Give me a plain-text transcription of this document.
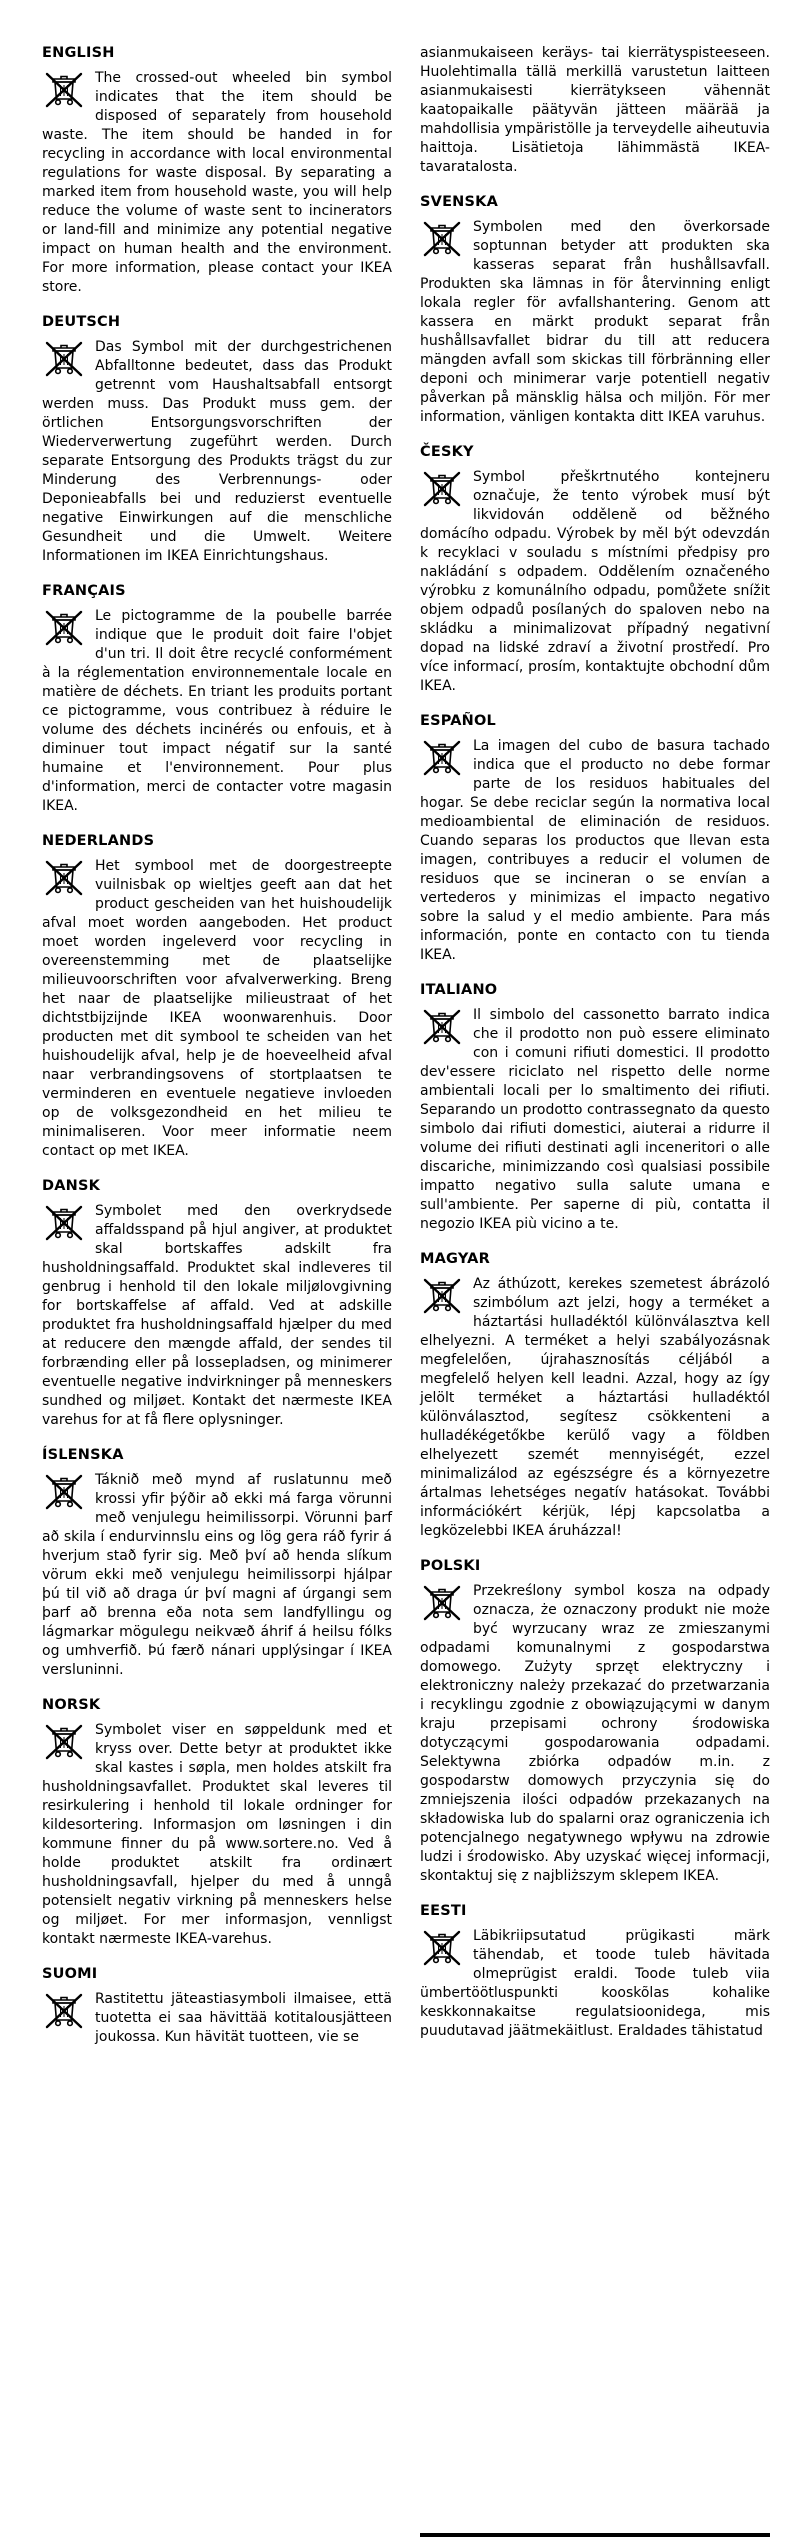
ENGLISH

The crossed-out wheeled bin symbol indicates that the item should be disposed of separately from household waste. The item should be handed in for recycling in accordance with local environmental regulations for waste disposal. By separating a marked item from household waste, you will help reduce the volume of waste sent to incinerators or land-fill and minimize any potential negative impact on human health and the environment. For more information, please contact your IKEA store.

DEUTSCH

Das Symbol mit der durchgestrichenen Abfalltonne bedeutet, dass das Produkt getrennt vom Haushaltsabfall entsorgt werden muss. Das Produkt muss gem. der örtlichen Entsorgungsvorschriften der Wiederverwertung zugeführt werden. Durch separate Entsorgung des Produkts trägst du zur Minderung des Verbrennungs- oder Deponieabfalls bei und reduzierst eventuelle negative Einwirkungen auf die menschliche Gesundheit und die Umwelt. Weitere Informationen im IKEA Einrichtungshaus.

FRANÇAIS

Le pictogramme de la poubelle barrée indique que le produit doit faire l'objet d'un tri. Il doit être recyclé conformément à la réglementation environnementale locale en matière de déchets. En triant les produits portant ce pictogramme, vous contribuez à réduire le volume des déchets incinérés ou enfouis, et à diminuer tout impact négatif sur la santé humaine et l'environnement. Pour plus d'information, merci de contacter votre magasin IKEA.

NEDERLANDS

Het symbool met de doorgestreepte vuilnisbak op wieltjes geeft aan dat het product gescheiden van het huishoudelijk afval moet worden aangeboden. Het product moet worden ingeleverd voor recycling in overeenstemming met de plaatselijke milieuvoorschriften voor afvalverwerking. Breng het naar de plaatselijke milieustraat of het dichtstbijzijnde IKEA woonwarenhuis. Door producten met dit symbool te scheiden van het huishoudelijk afval, help je de hoeveelheid afval naar verbrandingsovens of stortplaatsen te verminderen en eventuele negatieve invloeden op de volksgezondheid en het milieu te minimaliseren. Voor meer informatie neem contact op met IKEA.

DANSK

Symbolet med den overkrydsede affaldsspand på hjul angiver, at produktet skal bortskaffes adskilt fra husholdningsaffald. Produktet skal indleveres til genbrug i henhold til den lokale miljølovgivning for bortskaffelse af affald. Ved at adskille produktet fra husholdningsaffald hjælper du med at reducere den mængde affald, der sendes til forbrænding eller på lossepladsen, og minimerer eventuelle negative indvirkninger på menneskers sundhed og miljøet. Kontakt det nærmeste IKEA varehus for at få flere oplysninger.

ÍSLENSKA

Táknið með mynd af ruslatunnu með krossi yfir þýðir að ekki má farga vörunni með venjulegu heimilissorpi. Vörunni þarf að skila í endurvinnslu eins og lög gera ráð fyrir á hverjum stað fyrir sig. Með því að henda slíkum vörum ekki með venjulegu heimilissorpi hjálpar þú til við að draga úr því magni af úrgangi sem þarf að brenna eða nota sem landfyllingu og lágmarkar mögulegu neikvæð áhrif á heilsu fólks og umhverfið. Þú færð nánari upplýsingar í IKEA versluninni.

NORSK

Symbolet viser en søppeldunk med et kryss over. Dette betyr at produktet ikke skal kastes i søpla, men holdes atskilt fra husholdningsavfallet. Produktet skal leveres til resirkulering i henhold til lokale ordninger for kildesortering. Informasjon om løsningen i din kommune finner du på www.sortere.no. Ved å holde produktet atskilt fra ordinært husholdningsavfall, hjelper du med å unngå potensielt negativ virkning på menneskers helse og miljøet. For mer informasjon, vennligst kontakt nærmeste IKEA-varehus.

SUOMI

Rastitettu jäteastiasymboli ilmaisee, että tuotetta ei saa hävittää kotitalousjätteen joukossa. Kun hävität tuotteen, vie se

asianmukaiseen keräys- tai kierrätyspisteeseen. Huolehtimalla tällä merkillä varustetun laitteen asianmukaisesti kierrätykseen vähennät kaatopaikalle päätyvän jätteen määrää ja mahdollisia ympäristölle ja terveydelle aiheutuvia haittoja. Lisätietoja lähimmästä IKEA-tavaratalosta.

SVENSKA

Symbolen med den överkorsade soptunnan betyder att produkten ska kasseras separat från hushållsavfall. Produkten ska lämnas in för återvinning enligt lokala regler för avfallshantering. Genom att kassera en märkt produkt separat från hushållsavfallet bidrar du till att reducera mängden avfall som skickas till förbränning eller deponi och minimerar varje potentiell negativ påverkan på mänsklig hälsa och miljön. För mer information, vänligen kontakta ditt IKEA varuhus.

ČESKY

Symbol přeškrtnutého kontejneru označuje, že tento výrobek musí být likvidován odděleně od běžného domácího odpadu. Výrobek by měl být odevzdán k recyklaci v souladu s místními předpisy pro nakládání s odpadem. Oddělením označeného výrobku z komunálního odpadu, pomůžete snížit objem odpadů posílaných do spaloven nebo na skládku a minimalizovat případný negativní dopad na lidské zdraví a životní prostředí. Pro více informací, prosím, kontaktujte obchodní dům IKEA.

ESPAÑOL

La imagen del cubo de basura tachado indica que el producto no debe formar parte de los residuos habituales del hogar. Se debe reciclar según la normativa local medioambiental de eliminación de residuos. Cuando separas los productos que llevan esta imagen, contribuyes a reducir el volumen de residuos que se incineran o se envían a vertederos y minimizas el impacto negativo sobre la salud y el medio ambiente. Para más información, ponte en contacto con tu tienda IKEA.

ITALIANO

Il simbolo del cassonetto barrato indica che il prodotto non può essere eliminato con i comuni rifiuti domestici. Il prodotto dev'essere riciclato nel rispetto delle norme ambientali locali per lo smaltimento dei rifiuti. Separando un prodotto contrassegnato da questo simbolo dai rifiuti domestici, aiuterai a ridurre il volume dei rifiuti destinati agli inceneritori o alle discariche, minimizzando così qualsiasi possibile impatto negativo sulla salute umana e sull'ambiente. Per saperne di più, contatta il negozio IKEA più vicino a te.

MAGYAR

Az áthúzott, kerekes szemetest ábrázoló szimbólum azt jelzi, hogy a terméket a háztartási hulladéktól különválasztva kell elhelyezni. A terméket a helyi szabályozásnak megfelelően, újrahasznosítás céljából a megfelelő helyen kell leadni. Azzal, hogy az így jelölt terméket a háztartási hulladéktól különválasztod, segítesz csökkenteni a hulladékégetőkbe kerülő vagy a földben elhelyezett szemét mennyiségét, ezzel minimalizálod az egészségre és a környezetre ártalmas lehetséges negatív hatásokat. További információkért kérjük, lépj kapcsolatba a legközelebbi IKEA áruházzal!

POLSKI

Przekreślony symbol kosza na odpady oznacza, że oznaczony produkt nie może być wyrzucany wraz ze zmieszanymi odpadami komunalnymi z gospodarstwa domowego. Zużyty sprzęt elektryczny i elektroniczny należy przekazać do przetwarzania i recyklingu zgodnie z obowiązującymi w danym kraju przepisami ochrony środowiska dotyczącymi gospodarowania odpadami. Selektywna zbiórka odpadów m.in. z gospodarstw domowych przyczynia się do zmniejszenia ilości odpadów przekazanych na składowiska lub do spalarni oraz ograniczenia ich potencjalnego negatywnego wpływu na zdrowie ludzi i środowisko. Aby uzyskać więcej informacji, skontaktuj się z najbliższym sklepem IKEA.

EESTI

Läbikriipsutatud prügikasti märk tähendab, et toode tuleb hävitada olmeprügist eraldi. Toode tuleb viia ümbertöötluspunkti kooskõlas kohalike keskkonnakaitse regulatsioonidega, mis puudutavad jäätmekäitlust. Eraldades tähistatud
